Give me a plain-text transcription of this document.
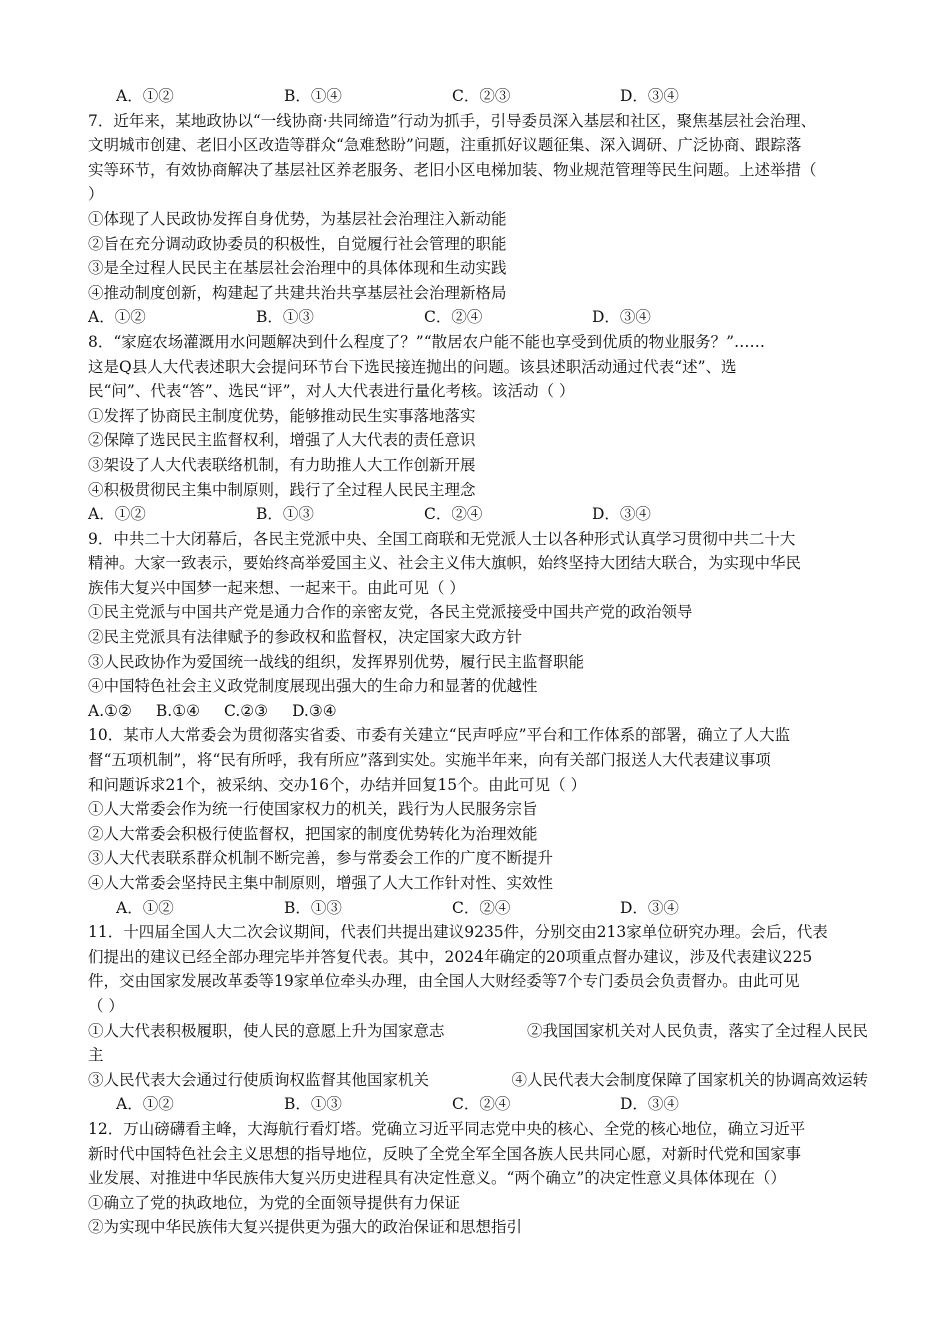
A．①②	B．①④	C．②③	D．③④
7．近年来，某地政协以“一线协商·共同缔造”行动为抓手，引导委员深入基层和社区，聚焦基层社会治理、
文明城市创建、老旧小区改造等群众“急难愁盼”问题，注重抓好议题征集、深入调研、广泛协商、跟踪落
实等环节，有效协商解决了基层社区养老服务、老旧小区电梯加装、物业规范管理等民生问题。上述举措（
）
①体现了人民政协发挥自身优势，为基层社会治理注入新动能
②旨在充分调动政协委员的积极性，自觉履行社会管理的职能
③是全过程人民民主在基层社会治理中的具体体现和生动实践
④推动制度创新，构建起了共建共治共享基层社会治理新格局
A．①②	B．①③	C．②④	D．③④
8．“家庭农场灌溉用水问题解决到什么程度了？”“散居农户能不能也享受到优质的物业服务？”……
这是Q县人大代表述职大会提问环节台下选民接连抛出的问题。该县述职活动通过代表“述”、选
民“问”、代表“答”、选民“评”，对人大代表进行量化考核。该活动（ ）
①发挥了协商民主制度优势，能够推动民生实事落地落实
②保障了选民民主监督权利，增强了人大代表的责任意识
③架设了人大代表联络机制，有力助推人大工作创新开展
④积极贯彻民主集中制原则，践行了全过程人民民主理念
A．①②	B．①③	C．②④	D．③④
9．中共二十大闭幕后，各民主党派中央、全国工商联和无党派人士以各种形式认真学习贯彻中共二十大
精神。大家一致表示，要始终高举爱国主义、社会主义伟大旗帜，始终坚持大团结大联合，为实现中华民
族伟大复兴中国梦一起来想、一起来干。由此可见（ ）
①民主党派与中国共产党是通力合作的亲密友党，各民主党派接受中国共产党的政治领导
②民主党派具有法律赋予的参政权和监督权，决定国家大政方针
③人民政协作为爱国统一战线的组织，发挥界别优势，履行民主监督职能
④中国特色社会主义政党制度展现出强大的生命力和显著的优越性
A.①② B.①④ C.②③ D.③④
10．某市人大常委会为贯彻落实省委、市委有关建立“民声呼应”平台和工作体系的部署，确立了人大监
督“五项机制”，将“民有所呼，我有所应”落到实处。实施半年来，向有关部门报送人大代表建议事项
和问题诉求21个，被采纳、交办16个，办结并回复15个。由此可见（ ）
①人大常委会作为统一行使国家权力的机关，践行为人民服务宗旨
②人大常委会积极行使监督权，把国家的制度优势转化为治理效能
③人大代表联系群众机制不断完善，参与常委会工作的广度不断提升
④人大常委会坚持民主集中制原则，增强了人大工作针对性、实效性
A．①②	B．①③	C．②④	D．③④
11．十四届全国人大二次会议期间，代表们共提出建议9235件，分别交由213家单位研究办理。会后，代表
们提出的建议已经全部办理完毕并答复代表。其中，2024年确定的20项重点督办建议，涉及代表建议225
件，交由国家发展改革委等19家单位牵头办理，由全国人大财经委等7个专门委员会负责督办。由此可见
（ ）
①人大代表积极履职，使人民的意愿上升为国家意志	②我国国家机关对人民负责，落实了全过程人民民
主
③人民代表大会通过行使质询权监督其他国家机关	④人民代表大会制度保障了国家机关的协调高效运转
A．①②	B．①③	C．②④	D．③④
12．万山磅礴看主峰，大海航行看灯塔。党确立习近平同志党中央的核心、全党的核心地位，确立习近平
新时代中国特色社会主义思想的指导地位，反映了全党全军全国各族人民共同心愿，对新时代党和国家事
业发展、对推进中华民族伟大复兴历史进程具有决定性意义。“两个确立”的决定性意义具体体现在（）
①确立了党的执政地位，为党的全面领导提供有力保证
②为实现中华民族伟大复兴提供更为强大的政治保证和思想指引
